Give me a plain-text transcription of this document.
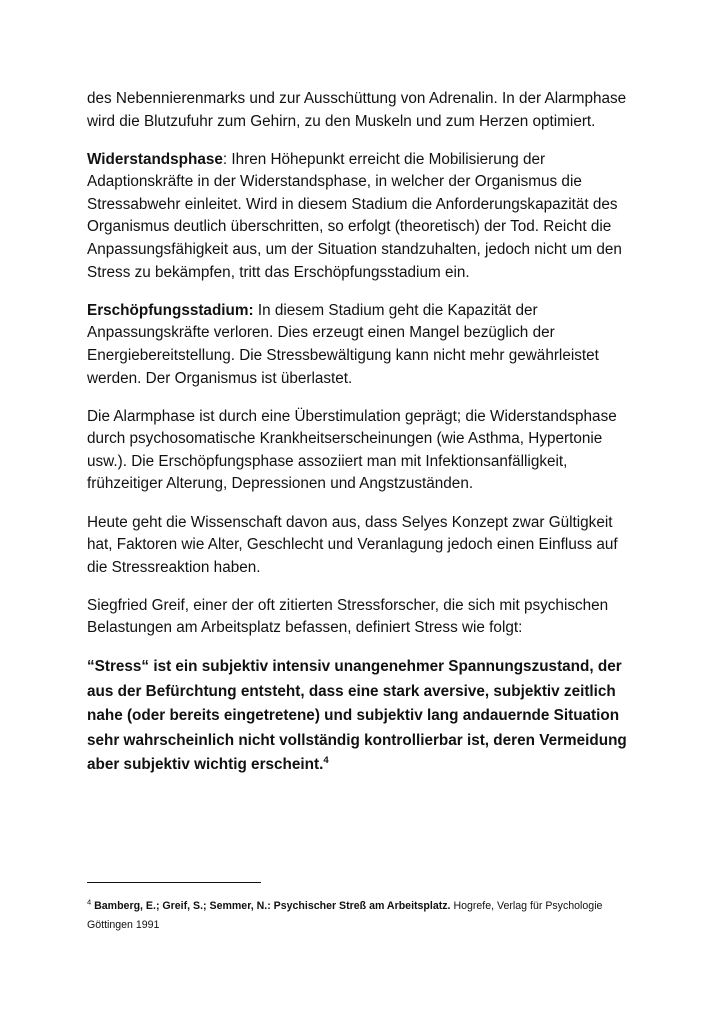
des Nebennierenmarks und zur Ausschüttung von Adrenalin. In der Alarmphase wird die Blutzufuhr zum Gehirn, zu den Muskeln und zum Herzen optimiert.

Widerstandsphase: Ihren Höhepunkt erreicht die Mobilisierung der Adaptionskräfte in der Widerstandsphase, in welcher der Organismus die Stressabwehr einleitet. Wird in diesem Stadium die Anforderungskapazität des Organismus deutlich überschritten, so erfolgt (theoretisch) der Tod. Reicht die Anpassungsfähigkeit aus, um der Situation standzuhalten, jedoch nicht um den Stress zu bekämpfen, tritt das Erschöpfungsstadium ein.

Erschöpfungsstadium: In diesem Stadium geht die Kapazität der Anpassungskräfte verloren. Dies erzeugt einen Mangel bezüglich der Energiebereitstellung. Die Stressbewältigung kann nicht mehr gewährleistet werden. Der Organismus ist überlastet.

Die Alarmphase ist durch eine Überstimulation geprägt; die Widerstandsphase durch psychosomatische Krankheitserscheinungen (wie Asthma, Hypertonie usw.). Die Erschöpfungsphase assoziiert man mit Infektionsanfälligkeit, frühzeitiger Alterung, Depressionen und Angstzuständen.

Heute geht die Wissenschaft davon aus, dass Selyes Konzept zwar Gültigkeit hat, Faktoren wie Alter, Geschlecht und Veranlagung jedoch einen Einfluss auf die Stressreaktion haben.

Siegfried Greif, einer der oft zitierten Stressforscher, die sich mit psychischen Belastungen am Arbeitsplatz befassen, definiert Stress wie folgt:

“Stress“ ist ein subjektiv intensiv unangenehmer Spannungszustand, der aus der Befürchtung entsteht, dass eine stark aversive, subjektiv zeitlich nahe (oder bereits eingetretene) und subjektiv lang andauernde Situation sehr wahrscheinlich nicht vollständig kontrollierbar ist, deren Vermeidung aber subjektiv wichtig erscheint.$^4$

$^4$ Bamberg, E.; Greif, S.; Semmer, N.: Psychischer Streß am Arbeitsplatz. Hogrefe, Verlag für Psychologie Göttingen 1991
